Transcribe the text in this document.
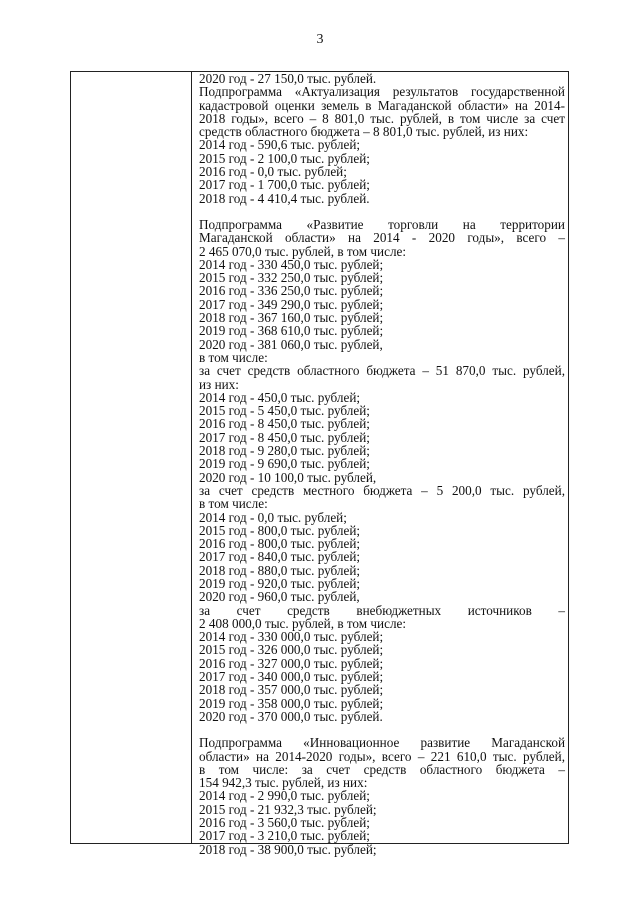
3

2020 год - 27 150,0 тыс. рублей.

Подпрограмма «Актуализация результатов государственной

кадастровой оценки земель в Магаданской области» на 2014-

2018 годы», всего – 8 801,0 тыс. рублей, в том числе за счет

средств областного бюджета – 8 801,0 тыс. рублей, из них:

2014 год - 590,6 тыс. рублей;

2015 год - 2 100,0 тыс. рублей;

2016 год - 0,0 тыс. рублей;

2017 год - 1 700,0 тыс. рублей;

2018 год - 4 410,4 тыс. рублей.

Подпрограмма «Развитие торговли на территории

Магаданской области» на 2014 - 2020 годы», всего –

2 465 070,0 тыс. рублей, в том числе:

2014 год - 330 450,0 тыс. рублей;

2015 год - 332 250,0 тыс. рублей;

2016 год - 336 250,0 тыс. рублей;

2017 год - 349 290,0 тыс. рублей;

2018 год - 367 160,0 тыс. рублей;

2019 год - 368 610,0 тыс. рублей;

2020 год - 381 060,0 тыс. рублей,

в том числе:

за счет средств областного бюджета – 51 870,0 тыс. рублей,

из них:

2014 год - 450,0 тыс. рублей;

2015 год - 5 450,0 тыс. рублей;

2016 год - 8 450,0 тыс. рублей;

2017 год - 8 450,0 тыс. рублей;

2018 год - 9 280,0 тыс. рублей;

2019 год - 9 690,0 тыс. рублей;

2020 год - 10 100,0 тыс. рублей,

за счет средств местного бюджета – 5 200,0 тыс. рублей,

в том числе:

2014 год - 0,0 тыс. рублей;

2015 год - 800,0 тыс. рублей;

2016 год - 800,0 тыс. рублей;

2017 год - 840,0 тыс. рублей;

2018 год - 880,0 тыс. рублей;

2019 год - 920,0 тыс. рублей;

2020 год - 960,0 тыс. рублей,

за счет средств внебюджетных источников –

2 408 000,0 тыс. рублей, в том числе:

2014 год - 330 000,0 тыс. рублей;

2015 год - 326 000,0 тыс. рублей;

2016 год - 327 000,0 тыс. рублей;

2017 год - 340 000,0 тыс. рублей;

2018 год - 357 000,0 тыс. рублей;

2019 год - 358 000,0 тыс. рублей;

2020 год - 370 000,0 тыс. рублей.

Подпрограмма «Инновационное развитие Магаданской

области» на 2014-2020 годы», всего – 221 610,0 тыс. рублей,

в том числе: за счет средств областного бюджета –

154 942,3 тыс. рублей, из них:

2014 год - 2 990,0 тыс. рублей;

2015 год - 21 932,3 тыс. рублей;

2016 год - 3 560,0 тыс. рублей;

2017 год - 3 210,0 тыс. рублей;

2018 год - 38 900,0 тыс. рублей;
